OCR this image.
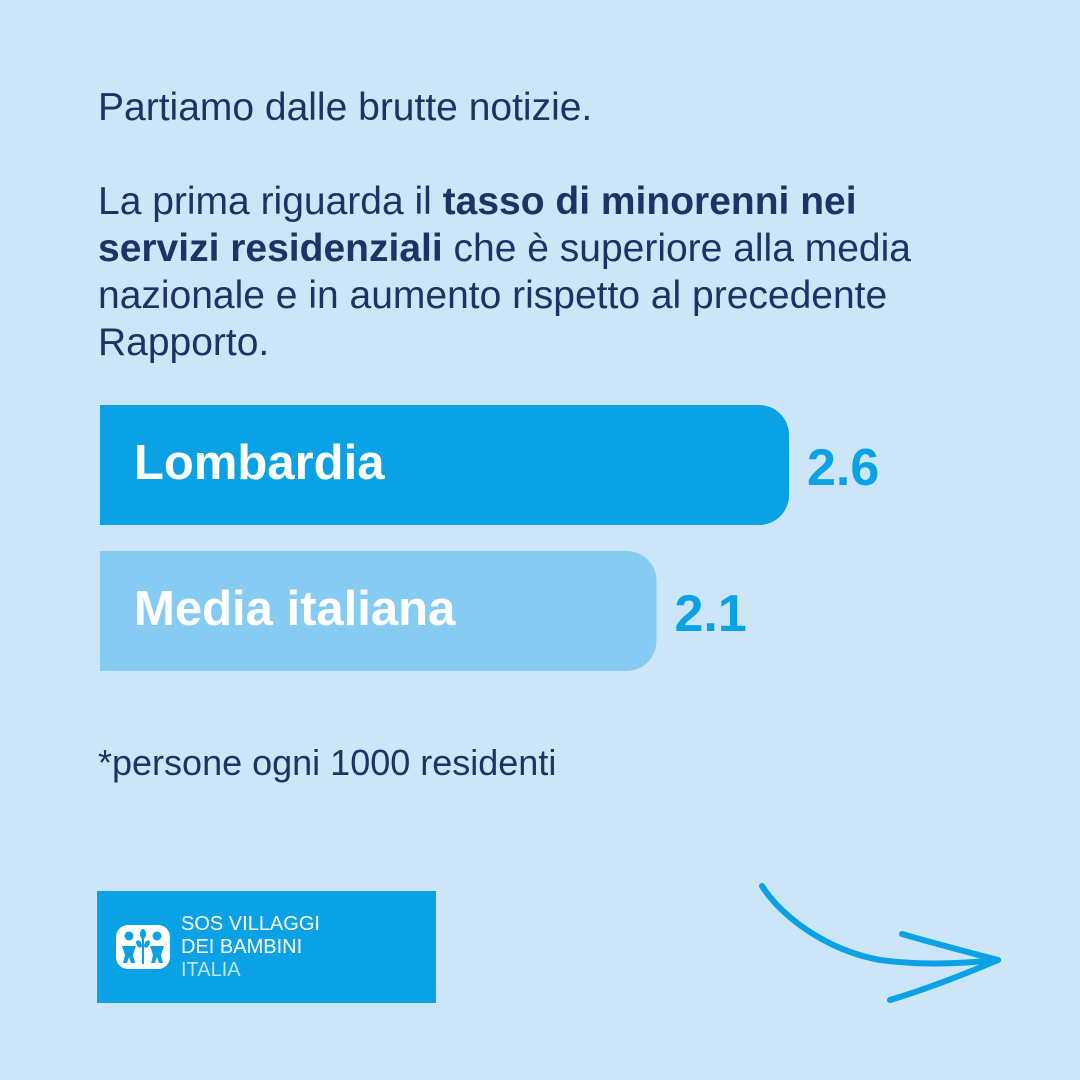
Partiamo dalle brutte notizie.

La prima riguarda il tasso di minorenni nei servizi residenziali che è superiore alla media nazionale e in aumento rispetto al precedente Rapporto.

Lombardia	2.6
Media italiana	2.1
*persone ogni 1000 residenti
SOS VILLAGGI
DEI BAMBINI
ITALIA
